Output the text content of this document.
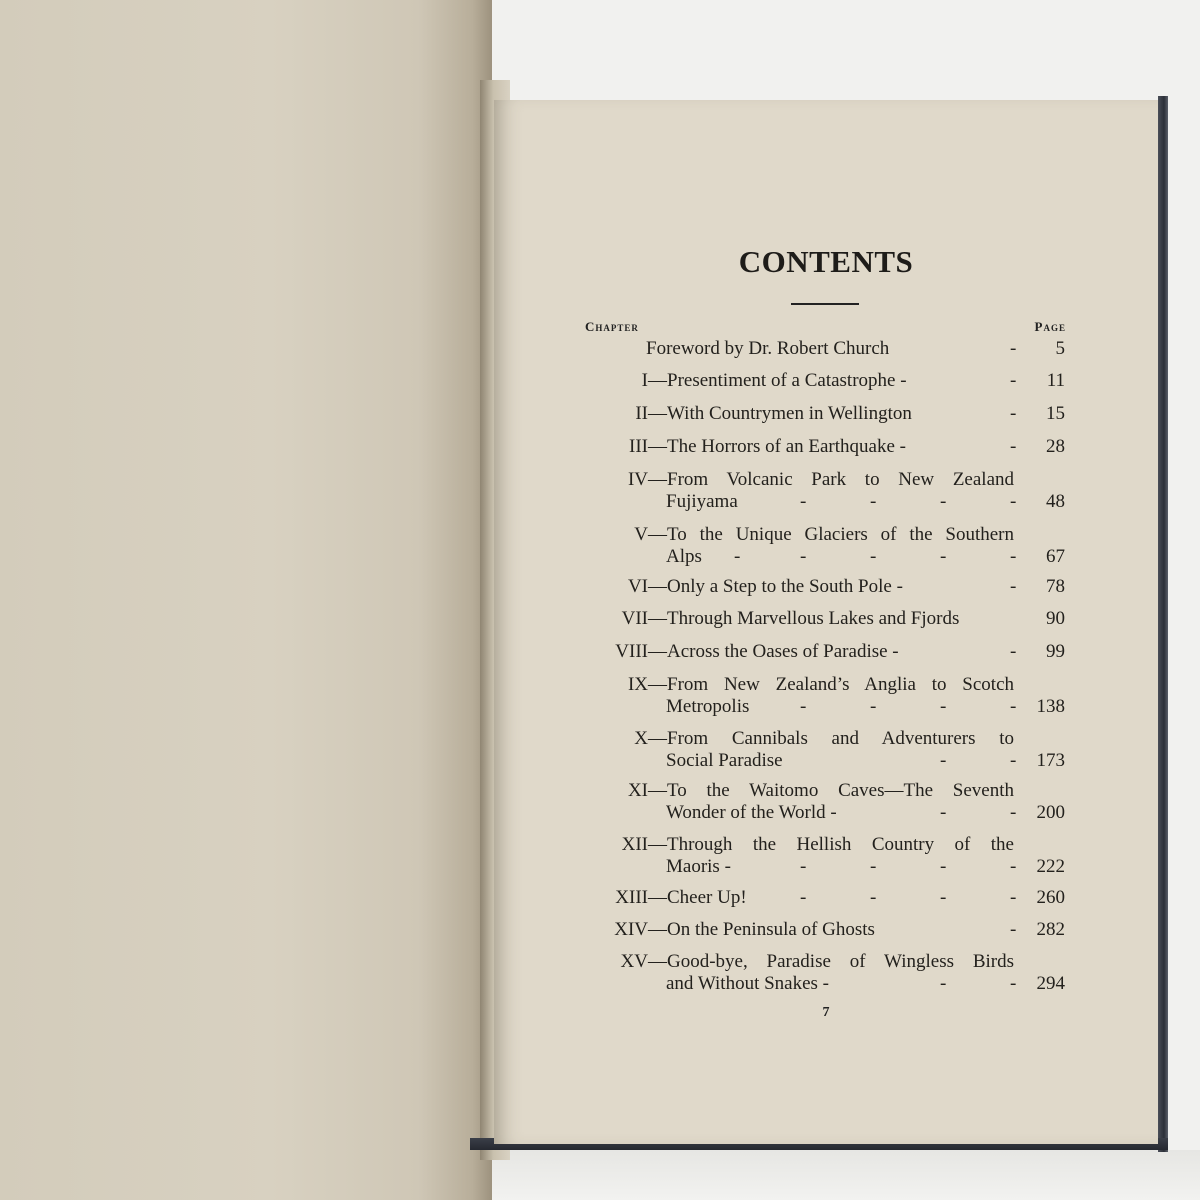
CONTENTS
Chapter	Page
Foreword by Dr. Robert Church	- 5
I —Presentiment of a Catastrophe -	- 11
II —With Countrymen in Wellington	- 15
III —The Horrors of an Earthquake -	- 28
IV —From Volcanic Park to New Zealand
Fujiyama	-	-	-	- 48
V —To the Unique Glaciers of the Southern
Alps -	-	-	-	- 67
VI —Only a Step to the South Pole -	- 78
VII —Through Marvellous Lakes and Fjords	90
VIII —Across the Oases of Paradise -	- 99
IX —From New Zealand’s Anglia to Scotch
Metropolis	-	-	-	- 138
X —From Cannibals and Adventurers to
Social Paradise	-	- 173
XI —To the Waitomo Caves—The Seventh
Wonder of the World -	-	- 200
XII —Through the Hellish Country of the
Maoris -	-	-	-	- 222
XIII —Cheer Up!	-	-	-	- 260
XIV —On the Peninsula of Ghosts	- 282
XV —Good-bye, Paradise of Wingless Birds
and Without Snakes -	-	- 294
7
